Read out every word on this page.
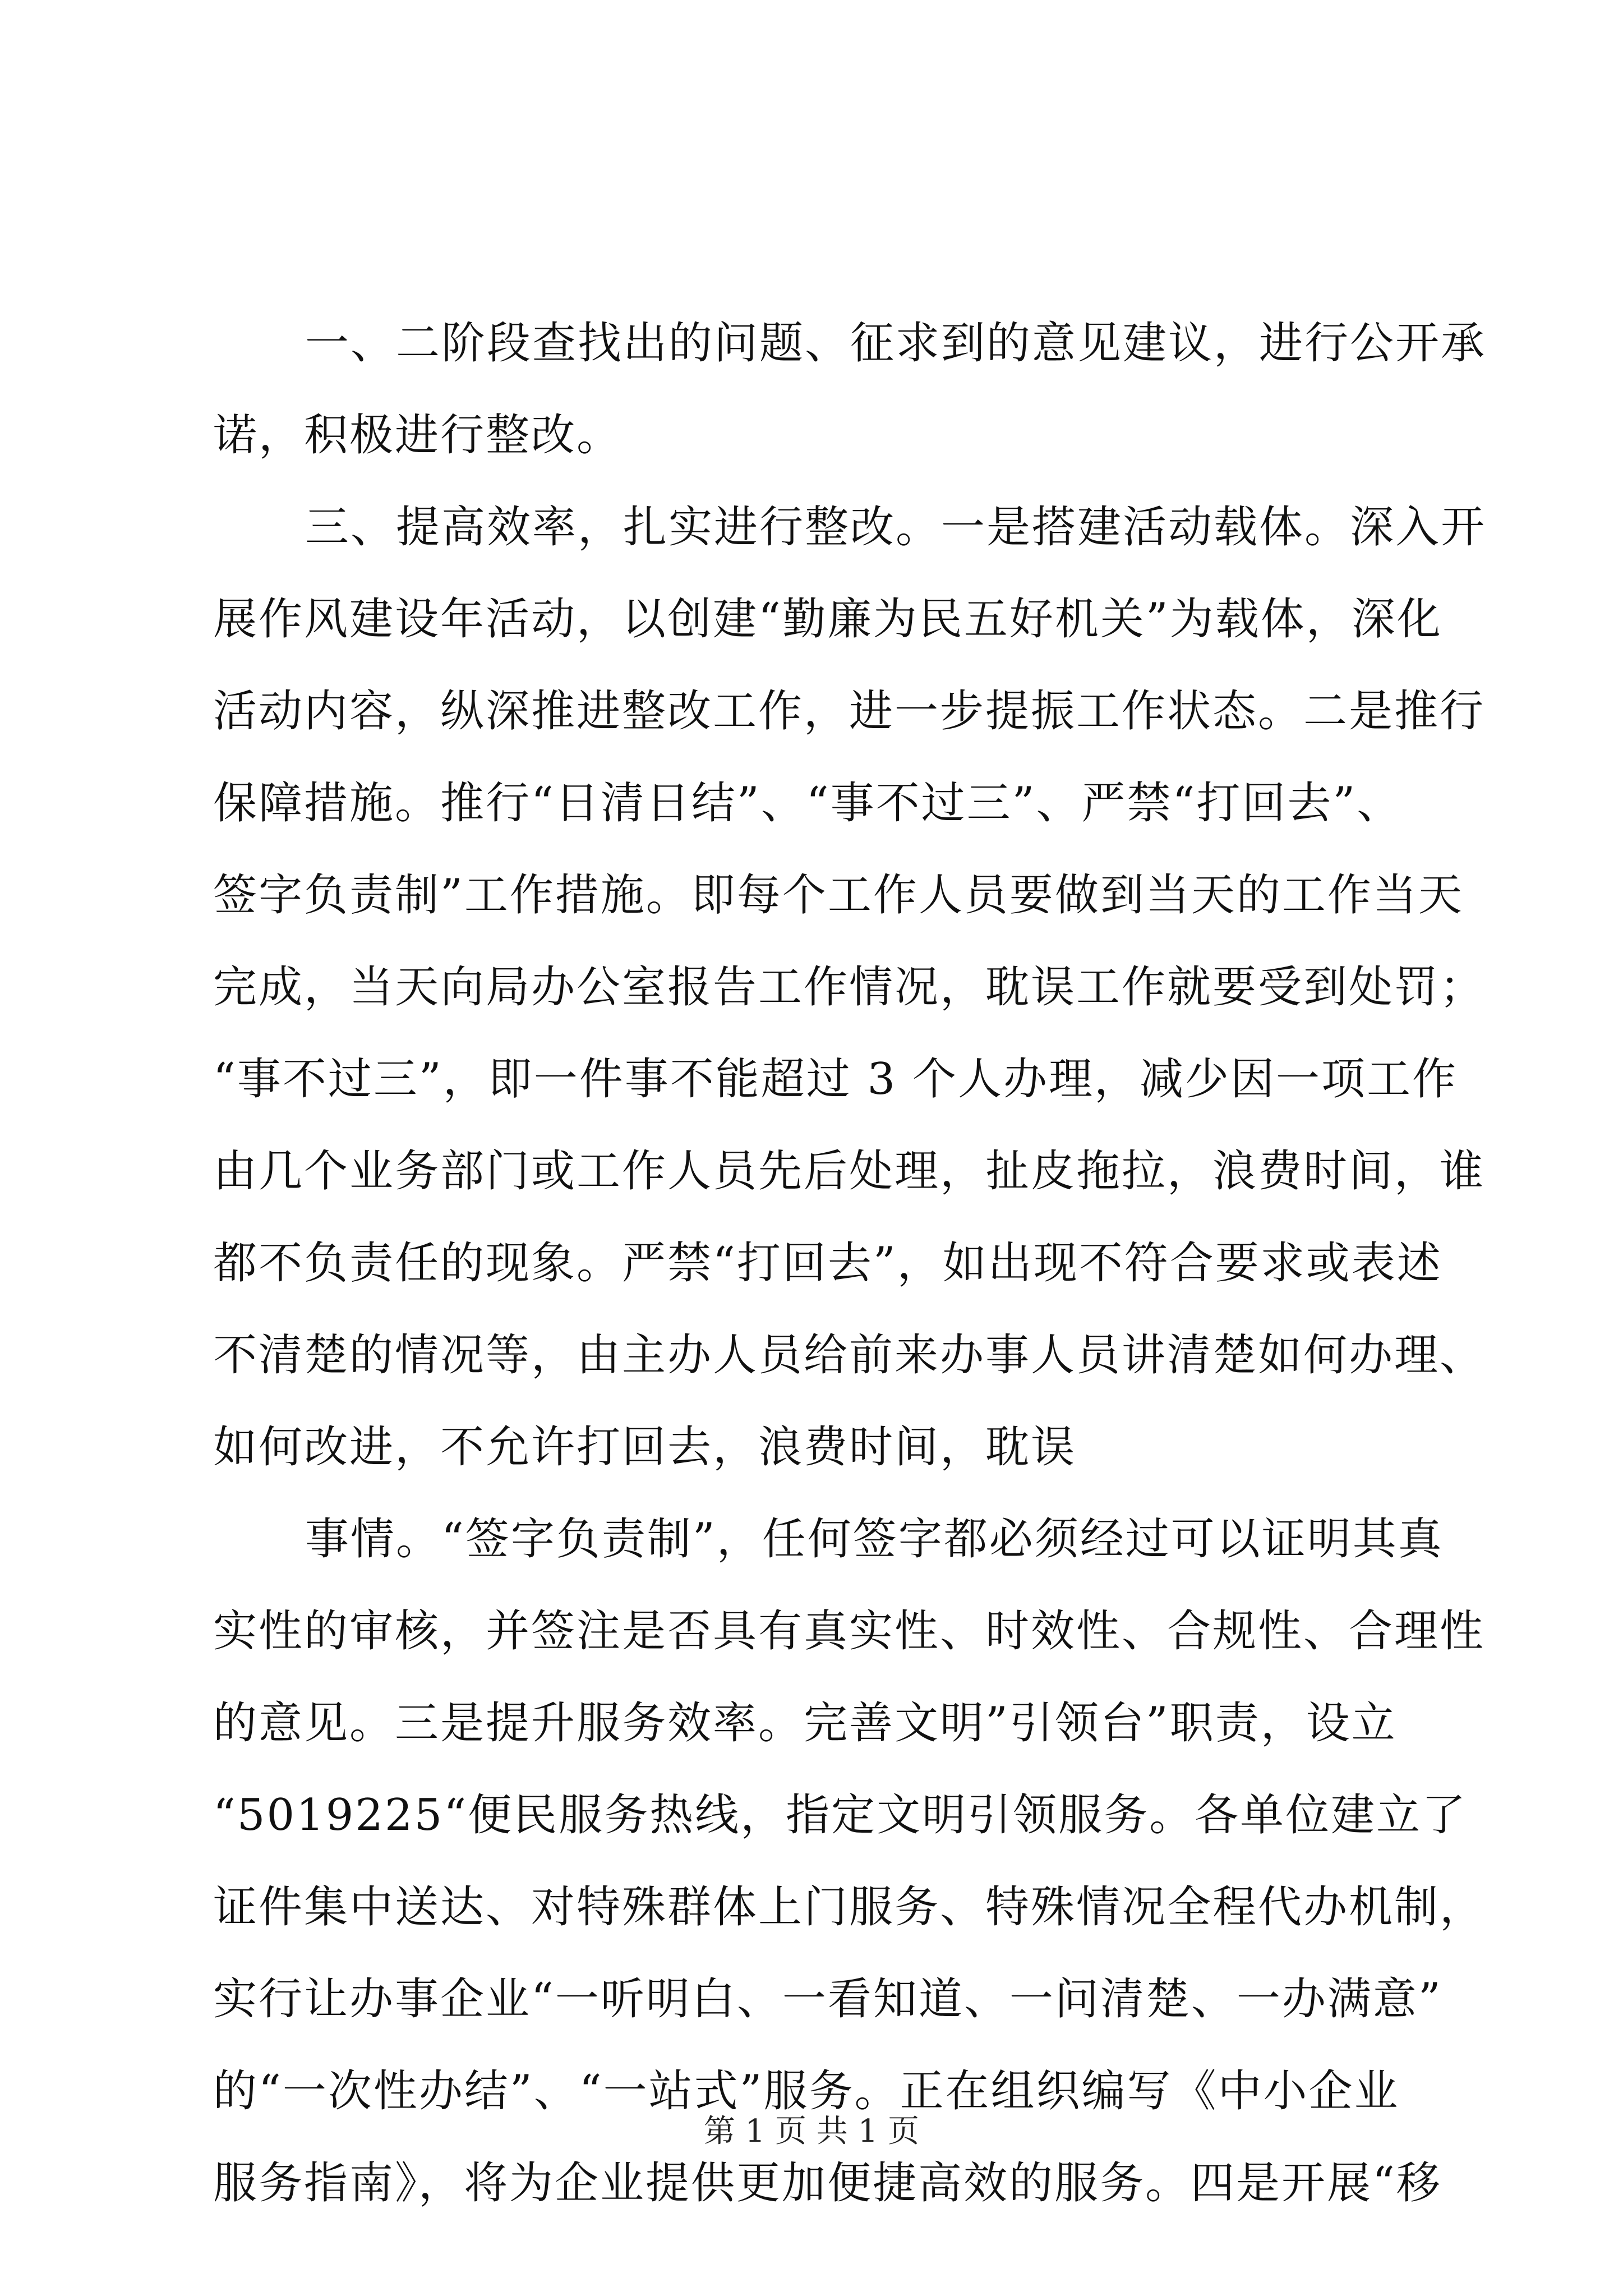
一、二阶段查找出的问题、征求到的意见建议，进行公开承
诺，积极进行整改。
三、提高效率，扎实进行整改。一是搭建活动载体。深入开
展作风建设年活动，以创建“勤廉为民五好机关”为载体，深化
活动内容，纵深推进整改工作，进一步提振工作状态。二是推行
保障措施。推行“日清日结”、“事不过三”、严禁“打回去”、
签字负责制”工作措施。即每个工作人员要做到当天的工作当天
完成，当天向局办公室报告工作情况，耽误工作就要受到处罚；
“事不过三”，即一件事不能超过 3 个人办理，减少因一项工作
由几个业务部门或工作人员先后处理，扯皮拖拉，浪费时间，谁
都不负责任的现象。严禁“打回去”，如出现不符合要求或表述
不清楚的情况等，由主办人员给前来办事人员讲清楚如何办理、
如何改进，不允许打回去，浪费时间，耽误
事情。“签字负责制”，任何签字都必须经过可以证明其真
实性的审核，并签注是否具有真实性、时效性、合规性、合理性
的意见。三是提升服务效率。完善文明”引领台”职责，设立
“5019225“便民服务热线，指定文明引领服务。各单位建立了
证件集中送达、对特殊群体上门服务、特殊情况全程代办机制，
实行让办事企业“一听明白、一看知道、一问清楚、一办满意”
的“一次性办结”、“一站式”服务。正在组织编写《中小企业
服务指南》，将为企业提供更加便捷高效的服务。四是开展“移
第 1 页 共 1 页
